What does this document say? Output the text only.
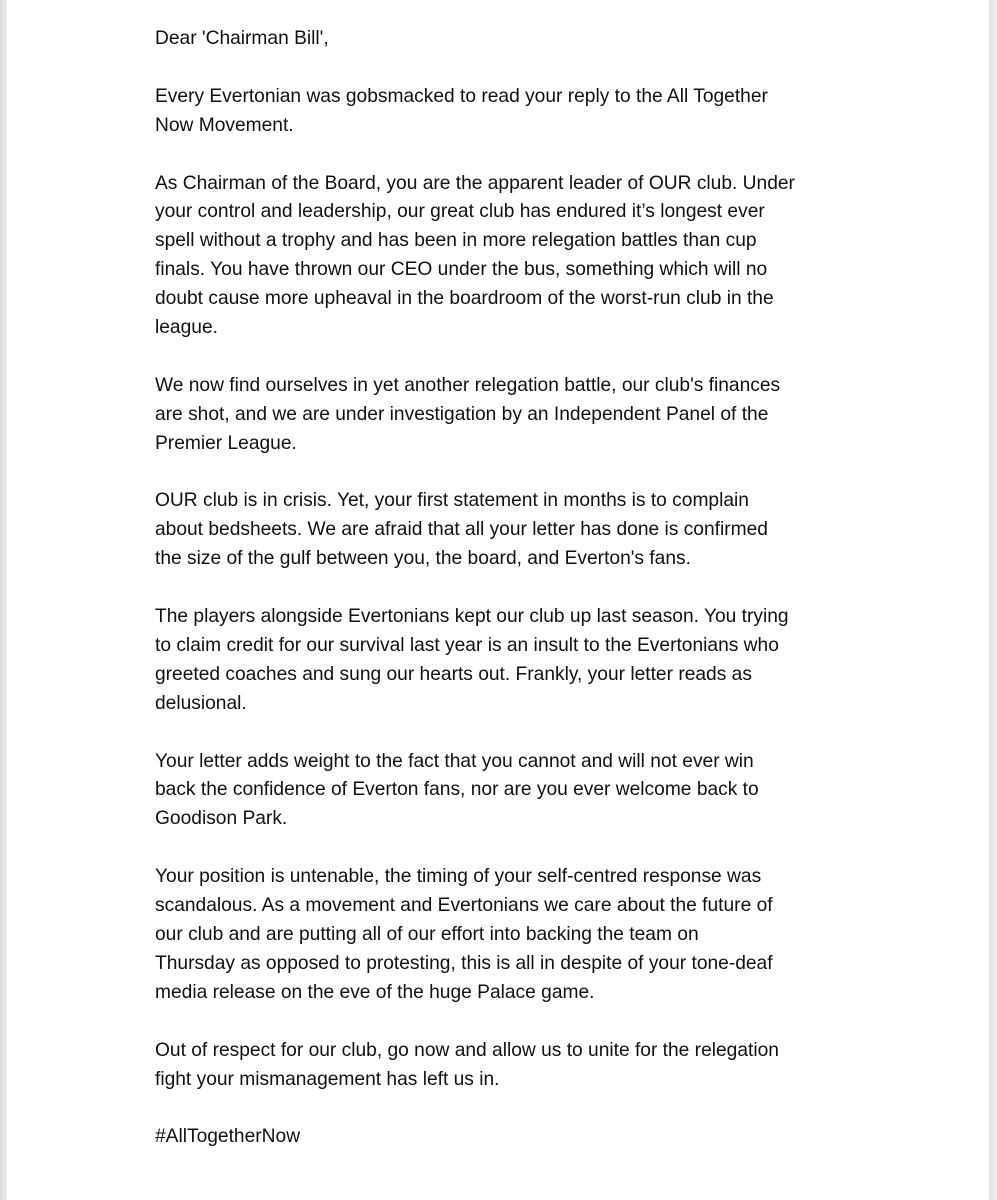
Dear 'Chairman Bill',

Every Evertonian was gobsmacked to read your reply to the All Together
Now Movement.

As Chairman of the Board, you are the apparent leader of OUR club. Under
your control and leadership, our great club has endured it’s longest ever
spell without a trophy and has been in more relegation battles than cup
finals. You have thrown our CEO under the bus, something which will no
doubt cause more upheaval in the boardroom of the worst-run club in the
league.

We now find ourselves in yet another relegation battle, our club's finances
are shot, and we are under investigation by an Independent Panel of the
Premier League.

OUR club is in crisis. Yet, your first statement in months is to complain
about bedsheets. We are afraid that all your letter has done is confirmed
the size of the gulf between you, the board, and Everton's fans.

The players alongside Evertonians kept our club up last season. You trying
to claim credit for our survival last year is an insult to the Evertonians who
greeted coaches and sung our hearts out. Frankly, your letter reads as
delusional.

Your letter adds weight to the fact that you cannot and will not ever win
back the confidence of Everton fans, nor are you ever welcome back to
Goodison Park.

Your position is untenable, the timing of your self-centred response was
scandalous. As a movement and Evertonians we care about the future of
our club and are putting all of our effort into backing the team on
Thursday as opposed to protesting, this is all in despite of your tone-deaf
media release on the eve of the huge Palace game.

Out of respect for our club, go now and allow us to unite for the relegation
fight your mismanagement has left us in.

#AllTogetherNow
